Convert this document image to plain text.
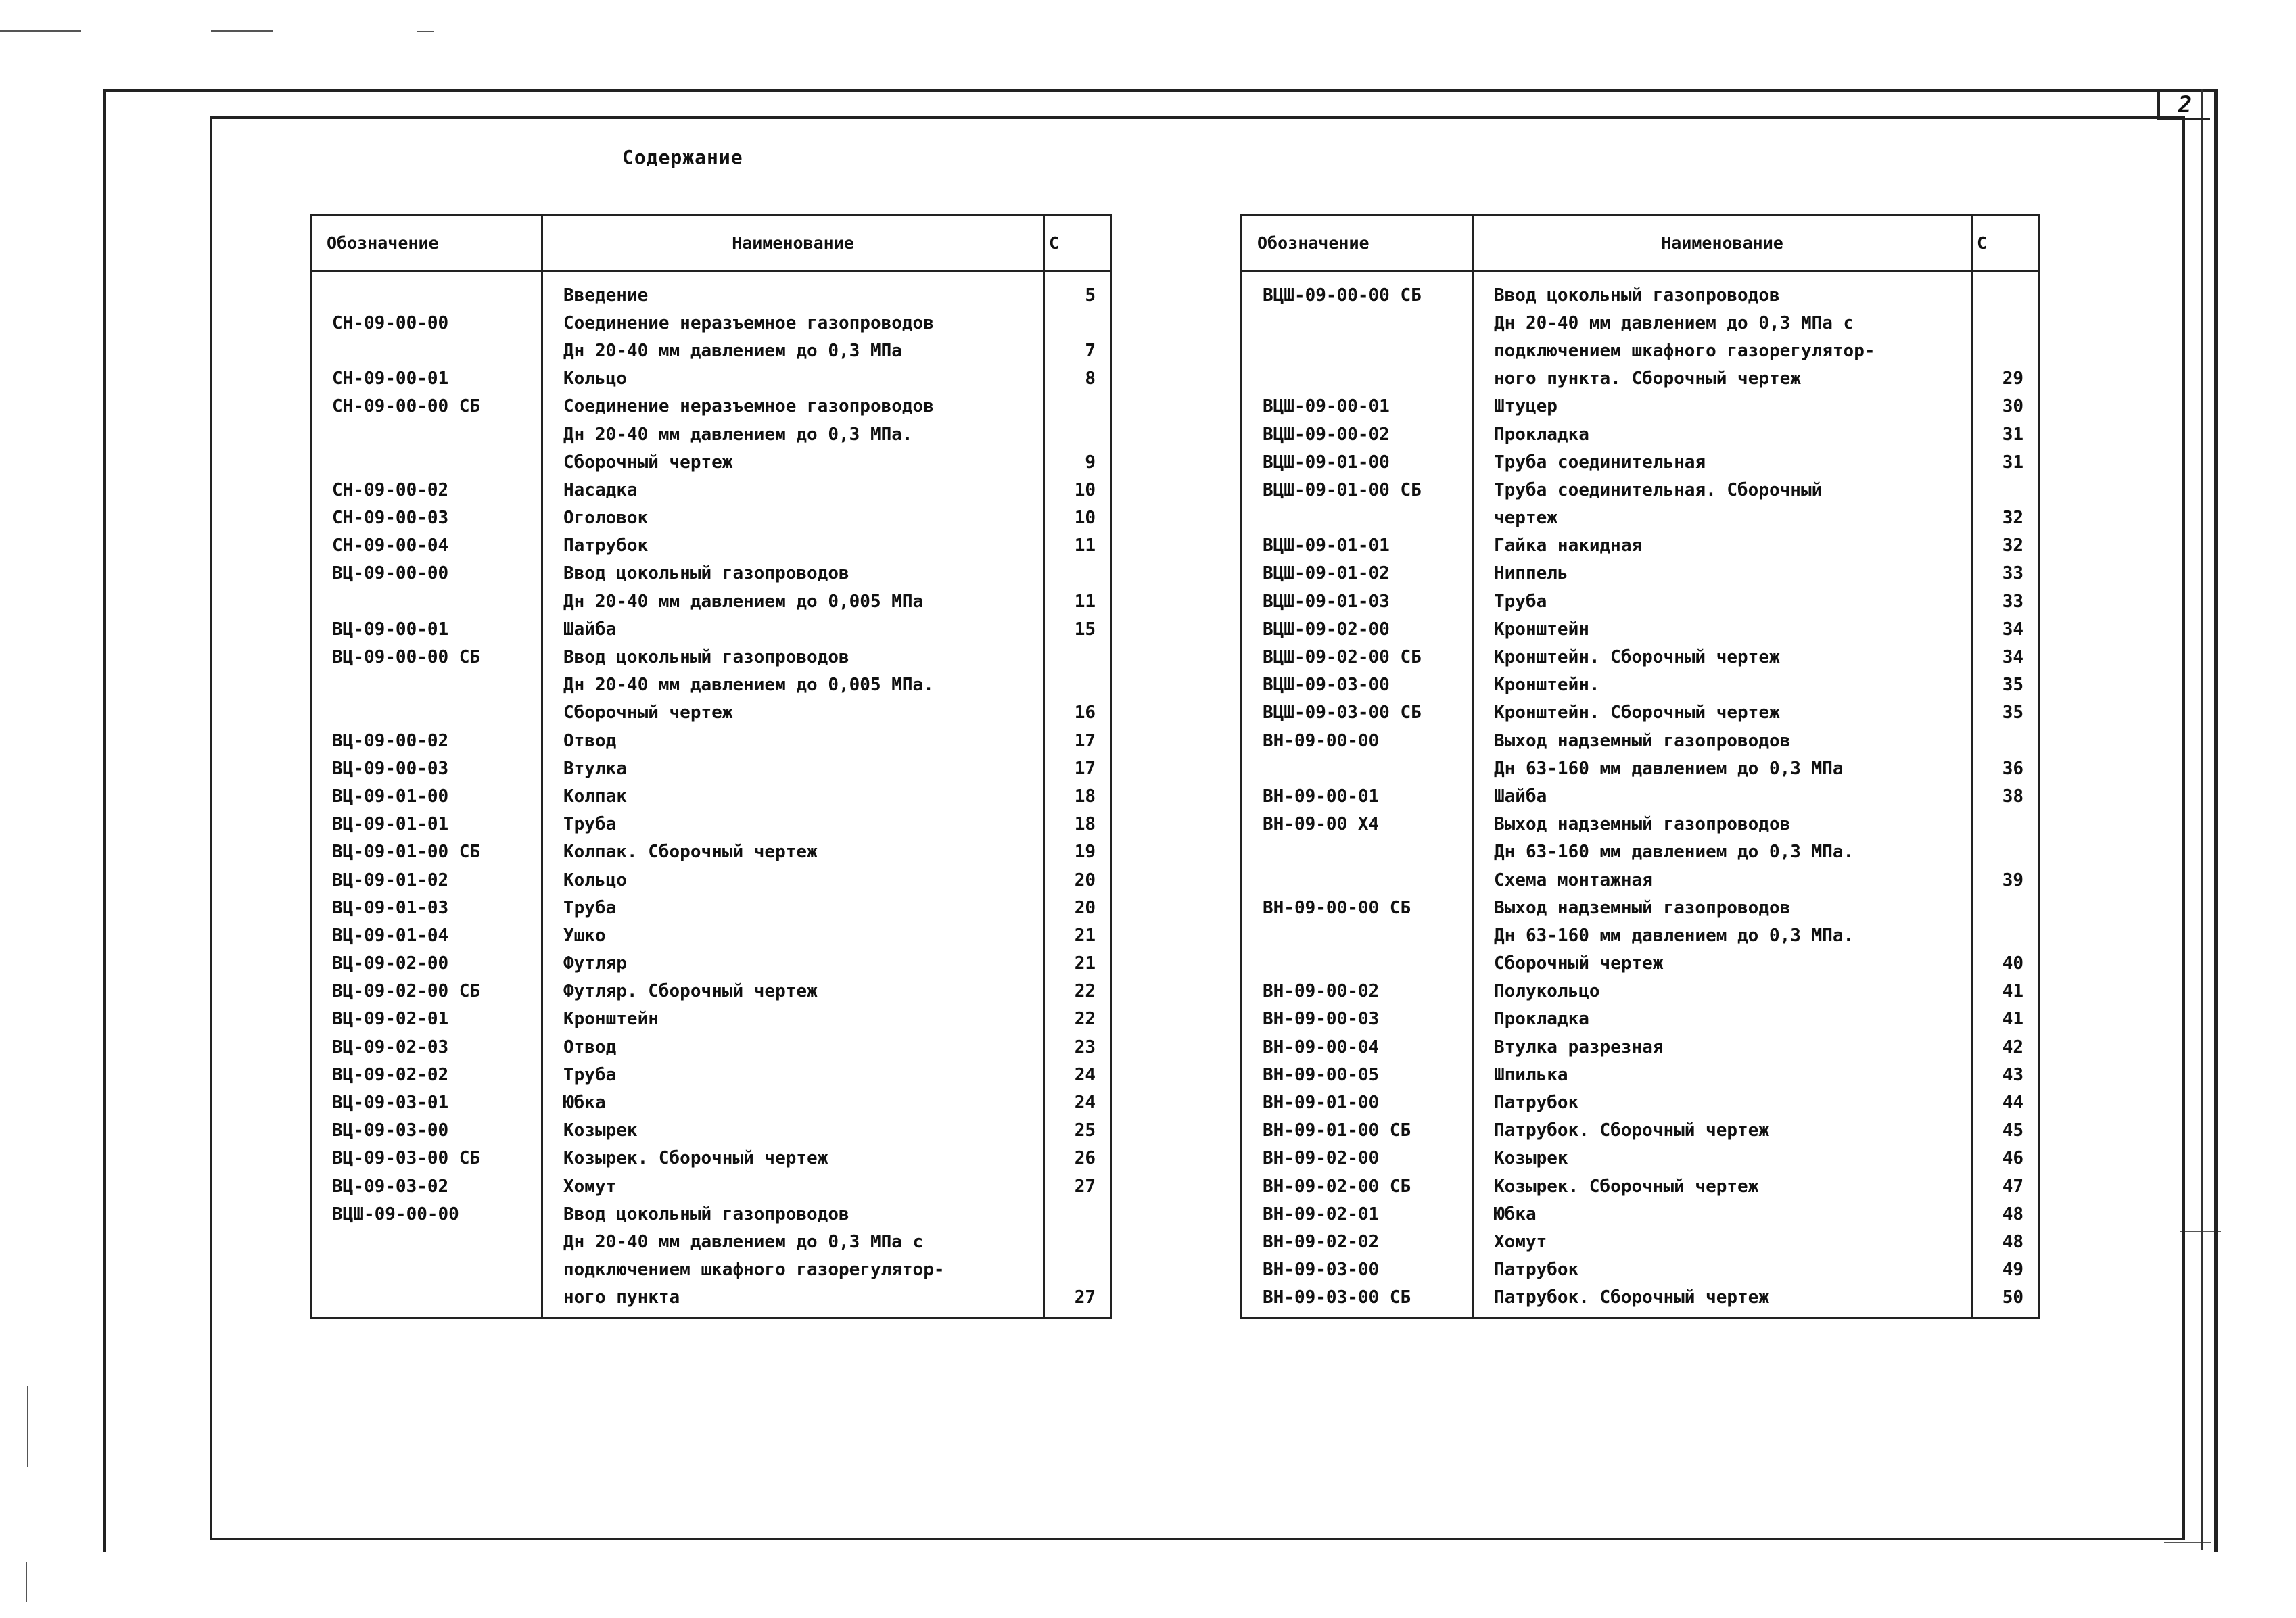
2
Содержание
Обозначение	Наименование	С
	Введение	5
СН-09-00-00	Соединение неразъемное газопроводов	
	Дн 20-40 мм давлением до 0,3 МПа	7
СН-09-00-01	Кольцо	8
СН-09-00-00 СБ	Соединение неразъемное газопроводов	
	Дн 20-40 мм давлением до 0,3 МПа.	
	Сборочный чертеж	9
СН-09-00-02	Насадка	10
СН-09-00-03	Оголовок	10
СН-09-00-04	Патрубок	11
ВЦ-09-00-00	Ввод цокольный газопроводов	
	Дн 20-40 мм давлением до 0,005 МПа	11
ВЦ-09-00-01	Шайба	15
ВЦ-09-00-00 СБ	Ввод цокольный газопроводов	
	Дн 20-40 мм давлением до 0,005 МПа.	
	Сборочный чертеж	16
ВЦ-09-00-02	Отвод	17
ВЦ-09-00-03	Втулка	17
ВЦ-09-01-00	Колпак	18
ВЦ-09-01-01	Труба	18
ВЦ-09-01-00 СБ	Колпак. Сборочный чертеж	19
ВЦ-09-01-02	Кольцо	20
ВЦ-09-01-03	Труба	20
ВЦ-09-01-04	Ушко	21
ВЦ-09-02-00	Футляр	21
ВЦ-09-02-00 СБ	Футляр. Сборочный чертеж	22
ВЦ-09-02-01	Кронштейн	22
ВЦ-09-02-03	Отвод	23
ВЦ-09-02-02	Труба	24
ВЦ-09-03-01	Юбка	24
ВЦ-09-03-00	Козырек	25
ВЦ-09-03-00 СБ	Козырек. Сборочный чертеж	26
ВЦ-09-03-02	Хомут	27
ВЦШ-09-00-00	Ввод цокольный газопроводов	
	Дн 20-40 мм давлением до 0,3 МПа с	
	подключением шкафного газорегулятор-	
	ного пункта	27
Обозначение	Наименование	С
ВЦШ-09-00-00 СБ	Ввод цокольный газопроводов	
	Дн 20-40 мм давлением до 0,3 МПа с	
	подключением шкафного газорегулятор-	
	ного пункта. Сборочный чертеж	29
ВЦШ-09-00-01	Штуцер	30
ВЦШ-09-00-02	Прокладка	31
ВЦШ-09-01-00	Труба соединительная	31
ВЦШ-09-01-00 СБ	Труба соединительная. Сборочный	
	чертеж	32
ВЦШ-09-01-01	Гайка накидная	32
ВЦШ-09-01-02	Ниппель	33
ВЦШ-09-01-03	Труба	33
ВЦШ-09-02-00	Кронштейн	34
ВЦШ-09-02-00 СБ	Кронштейн. Сборочный чертеж	34
ВЦШ-09-03-00	Кронштейн.	35
ВЦШ-09-03-00 СБ	Кронштейн. Сборочный чертеж	35
ВН-09-00-00	Выход надземный газопроводов	
	Дн 63-160 мм давлением до 0,3 МПа	36
ВН-09-00-01	Шайба	38
ВН-09-00 Х4	Выход надземный газопроводов	
	Дн 63-160 мм давлением до 0,3 МПа.	
	Схема монтажная	39
ВН-09-00-00 СБ	Выход надземный газопроводов	
	Дн 63-160 мм давлением до 0,3 МПа.	
	Сборочный чертеж	40
ВН-09-00-02	Полукольцо	41
ВН-09-00-03	Прокладка	41
ВН-09-00-04	Втулка разрезная	42
ВН-09-00-05	Шпилька	43
ВН-09-01-00	Патрубок	44
ВН-09-01-00 СБ	Патрубок. Сборочный чертеж	45
ВН-09-02-00	Козырек	46
ВН-09-02-00 СБ	Козырек. Сборочный чертеж	47
ВН-09-02-01	Юбка	48
ВН-09-02-02	Хомут	48
ВН-09-03-00	Патрубок	49
ВН-09-03-00 СБ	Патрубок. Сборочный чертеж	50
